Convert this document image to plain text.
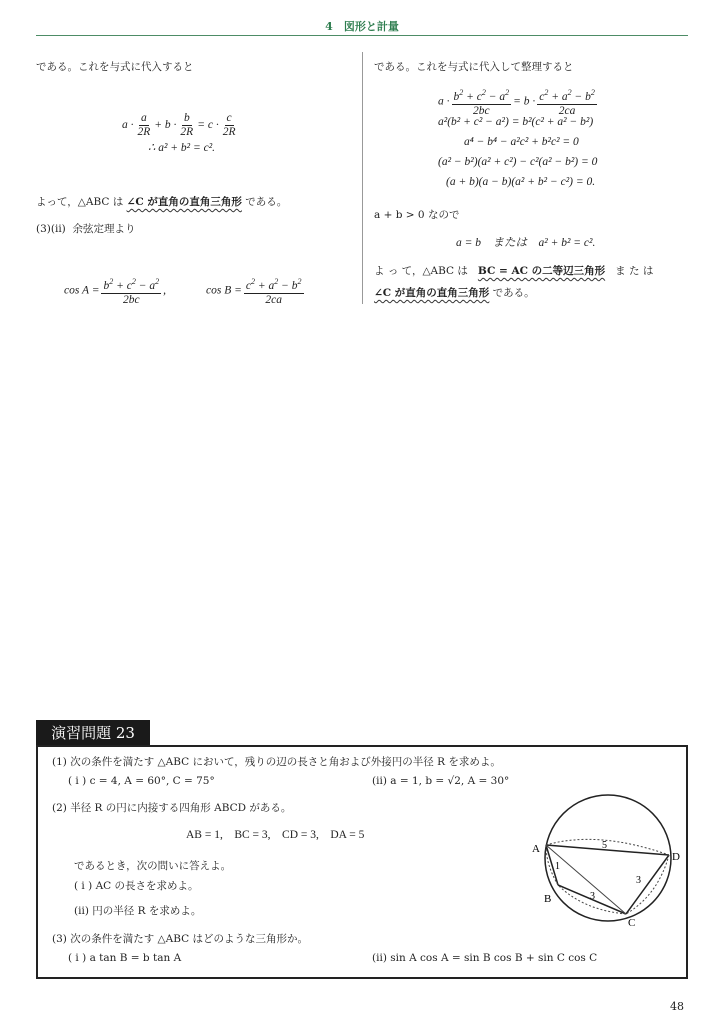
4　図形と計量
である。これを与式に代入すると
$a \cdot \frac{a}{2R} + b \cdot \frac{b}{2R} = c \cdot \frac{c}{2R}$
∴ a² + b² = c².
よって，△ABC は ∠C が直角の直角三角形 である。
(3)(ii) 余弦定理より
$\cos A = \frac{b^2 + c^2 - a^2}{2bc}$ ,	$\cos B = \frac{c^2 + a^2 - b^2}{2ca}$
である。これを与式に代入して整理すると
$a \cdot \frac{b^2 + c^2 - a^2}{2bc} = b \cdot \frac{c^2 + a^2 - b^2}{2ca}$
a²(b² + c² − a²) = b²(c² + a² − b²)
a⁴ − b⁴ − a²c² + b²c² = 0
(a² − b²)(a² + c²) − c²(a² − b²) = 0
(a + b)(a − b)(a² + b² − c²) = 0.
a + b > 0 なので
a = b　または　a² + b² = c².
よ っ て，△ABC は BC = AC の二等辺三角形 ま た は
∠C が直角の直角三角形 である。
演習問題 23
(1) 次の条件を満たす △ABC において，残りの辺の長さと角および外接円の半径 R を求めよ。
( i ) c = 4, A = 60°, C = 75°	(ii) a = 1, b = √2, A = 30°
(2) 半径 R の円に内接する四角形 ABCD がある。
AB = 1,　BC = 3,　CD = 3,　DA = 5
であるとき，次の問いに答えよ。
( i ) AC の長さを求めよ。
(ii) 円の半径 R を求めよ。
(3) 次の条件を満たす △ABC はどのような三角形か。
( i ) a tan B = b tan A	(ii) sin A cos A = sin B cos B + sin C cos C
A
B
C
D
5
3
3
1
48
